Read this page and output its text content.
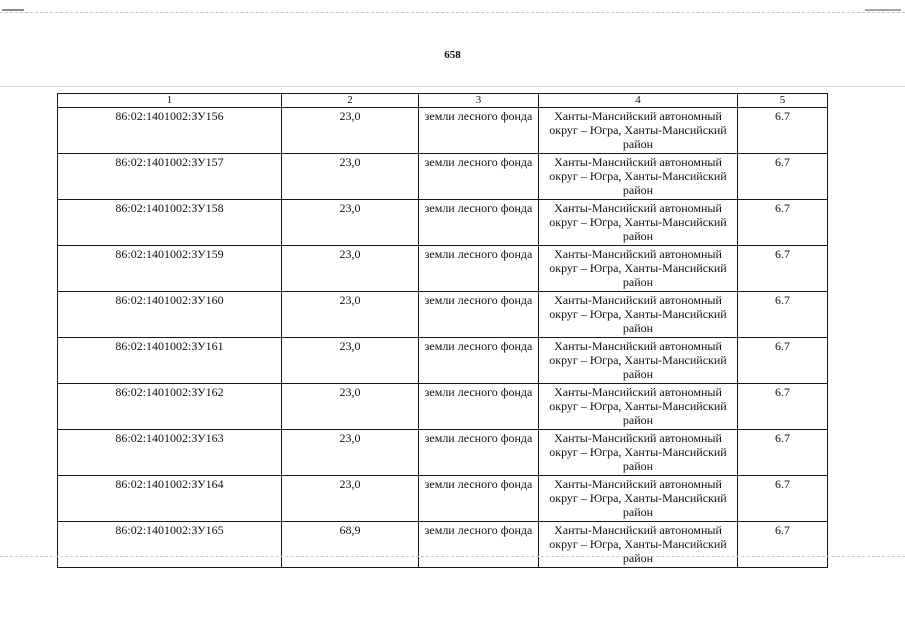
658
1	2	3	4	5
86:02:1401002:ЗУ156	23,0	земли лесного фонда	Ханты-Мансийский автономный округ – Югра, Ханты-Мансийский район	6.7
86:02:1401002:ЗУ157	23,0	земли лесного фонда	Ханты-Мансийский автономный округ – Югра, Ханты-Мансийский район	6.7
86:02:1401002:ЗУ158	23,0	земли лесного фонда	Ханты-Мансийский автономный округ – Югра, Ханты-Мансийский район	6.7
86:02:1401002:ЗУ159	23,0	земли лесного фонда	Ханты-Мансийский автономный округ – Югра, Ханты-Мансийский район	6.7
86:02:1401002:ЗУ160	23,0	земли лесного фонда	Ханты-Мансийский автономный округ – Югра, Ханты-Мансийский район	6.7
86:02:1401002:ЗУ161	23,0	земли лесного фонда	Ханты-Мансийский автономный округ – Югра, Ханты-Мансийский район	6.7
86:02:1401002:ЗУ162	23,0	земли лесного фонда	Ханты-Мансийский автономный округ – Югра, Ханты-Мансийский район	6.7
86:02:1401002:ЗУ163	23,0	земли лесного фонда	Ханты-Мансийский автономный округ – Югра, Ханты-Мансийский район	6.7
86:02:1401002:ЗУ164	23,0	земли лесного фонда	Ханты-Мансийский автономный округ – Югра, Ханты-Мансийский район	6.7
86:02:1401002:ЗУ165	68,9	земли лесного фонда	Ханты-Мансийский автономный округ – Югра, Ханты-Мансийский район	6.7
